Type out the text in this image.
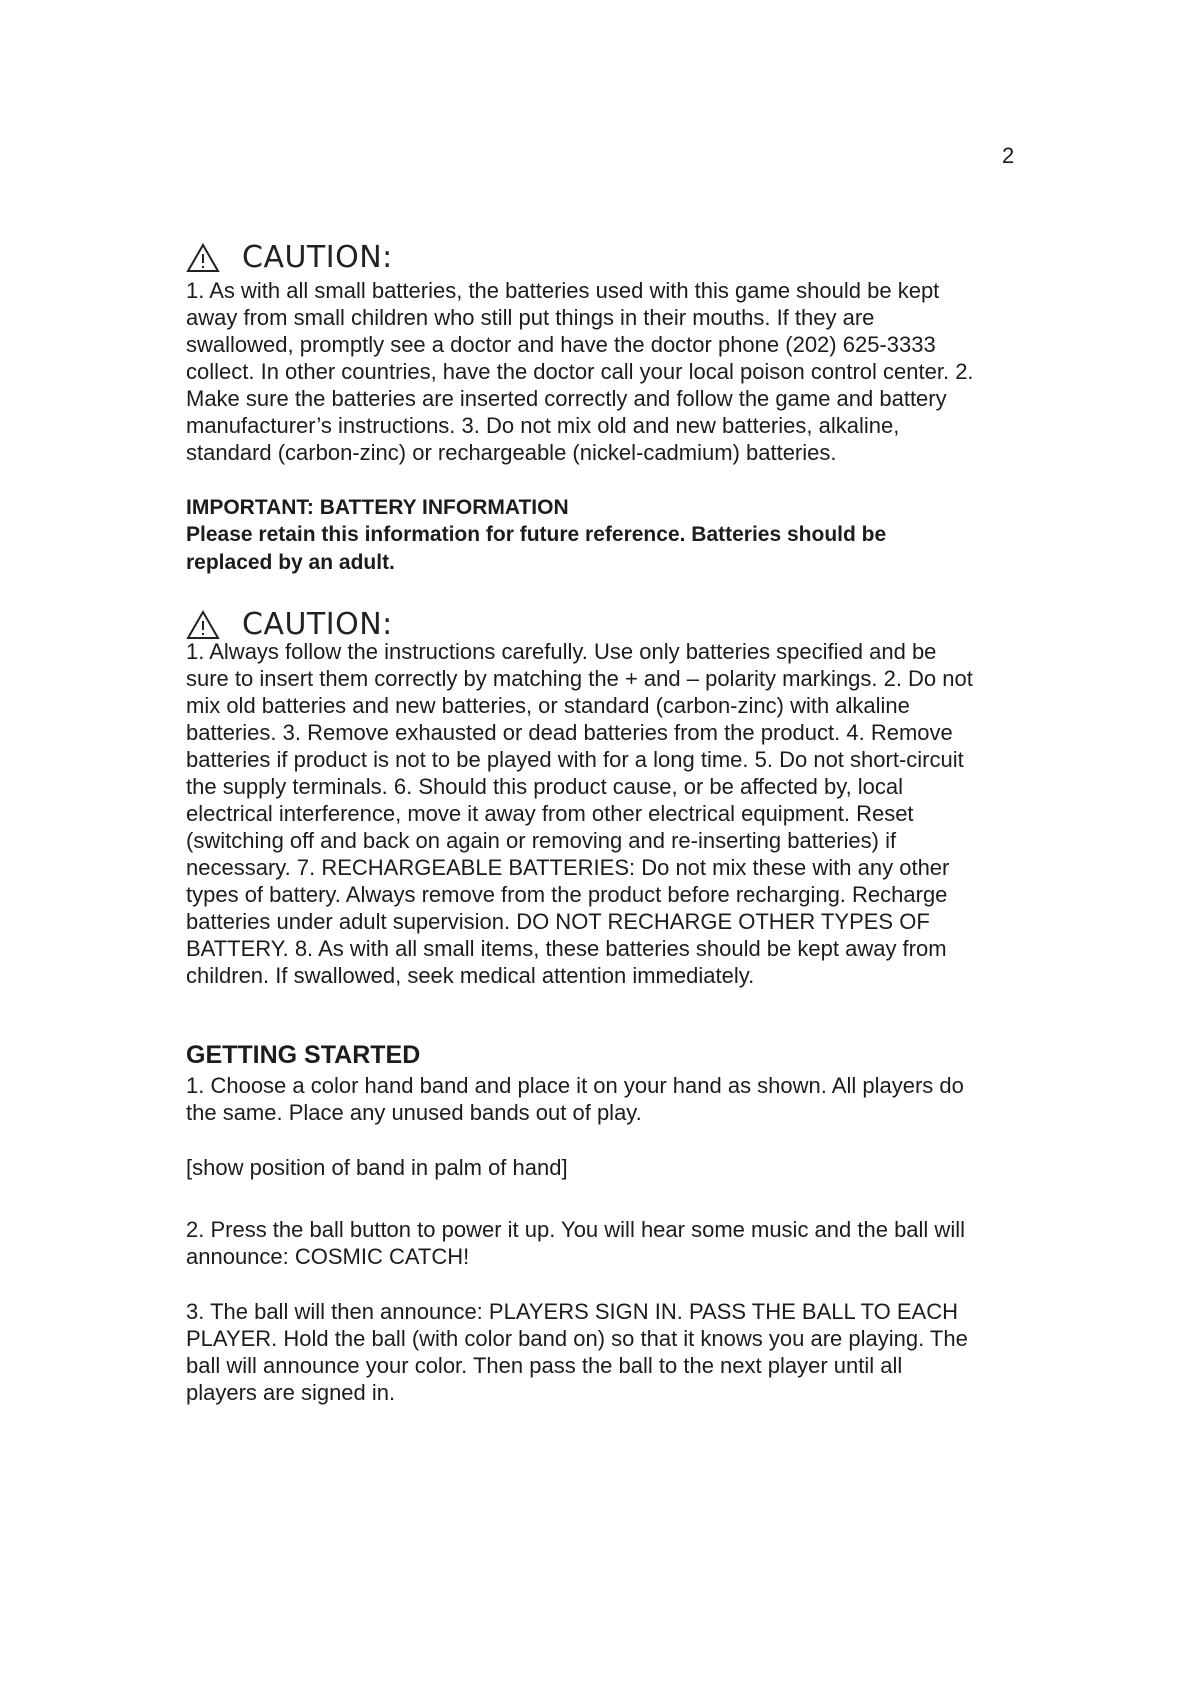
2
CAUTION:

1. As with all small batteries, the batteries used with this game should be kept
away from small children who still put things in their mouths. If they are
swallowed, promptly see a doctor and have the doctor phone (202) 625-3333
collect. In other countries, have the doctor call your local poison control center. 2.
Make sure the batteries are inserted correctly and follow the game and battery
manufacturer’s instructions. 3. Do not mix old and new batteries, alkaline,
standard (carbon-zinc) or rechargeable (nickel-cadmium) batteries.

IMPORTANT: BATTERY INFORMATION

Please retain this information for future reference. Batteries should be
replaced by an adult.

CAUTION:

1. Always follow the instructions carefully. Use only batteries specified and be
sure to insert them correctly by matching the + and – polarity markings. 2. Do not
mix old batteries and new batteries, or standard (carbon-zinc) with alkaline
batteries. 3. Remove exhausted or dead batteries from the product. 4. Remove
batteries if product is not to be played with for a long time. 5. Do not short-circuit
the supply terminals. 6. Should this product cause, or be affected by, local
electrical interference, move it away from other electrical equipment. Reset
(switching off and back on again or removing and re-inserting batteries) if
necessary. 7. RECHARGEABLE BATTERIES: Do not mix these with any other
types of battery. Always remove from the product before recharging. Recharge
batteries under adult supervision. DO NOT RECHARGE OTHER TYPES OF
BATTERY. 8. As with all small items, these batteries should be kept away from
children. If swallowed, seek medical attention immediately.

GETTING STARTED

1. Choose a color hand band and place it on your hand as shown. All players do
the same. Place any unused bands out of play.

[show position of band in palm of hand]

2. Press the ball button to power it up. You will hear some music and the ball will
announce: COSMIC CATCH!

3. The ball will then announce: PLAYERS SIGN IN. PASS THE BALL TO EACH
PLAYER. Hold the ball (with color band on) so that it knows you are playing. The
ball will announce your color. Then pass the ball to the next player until all
players are signed in.
